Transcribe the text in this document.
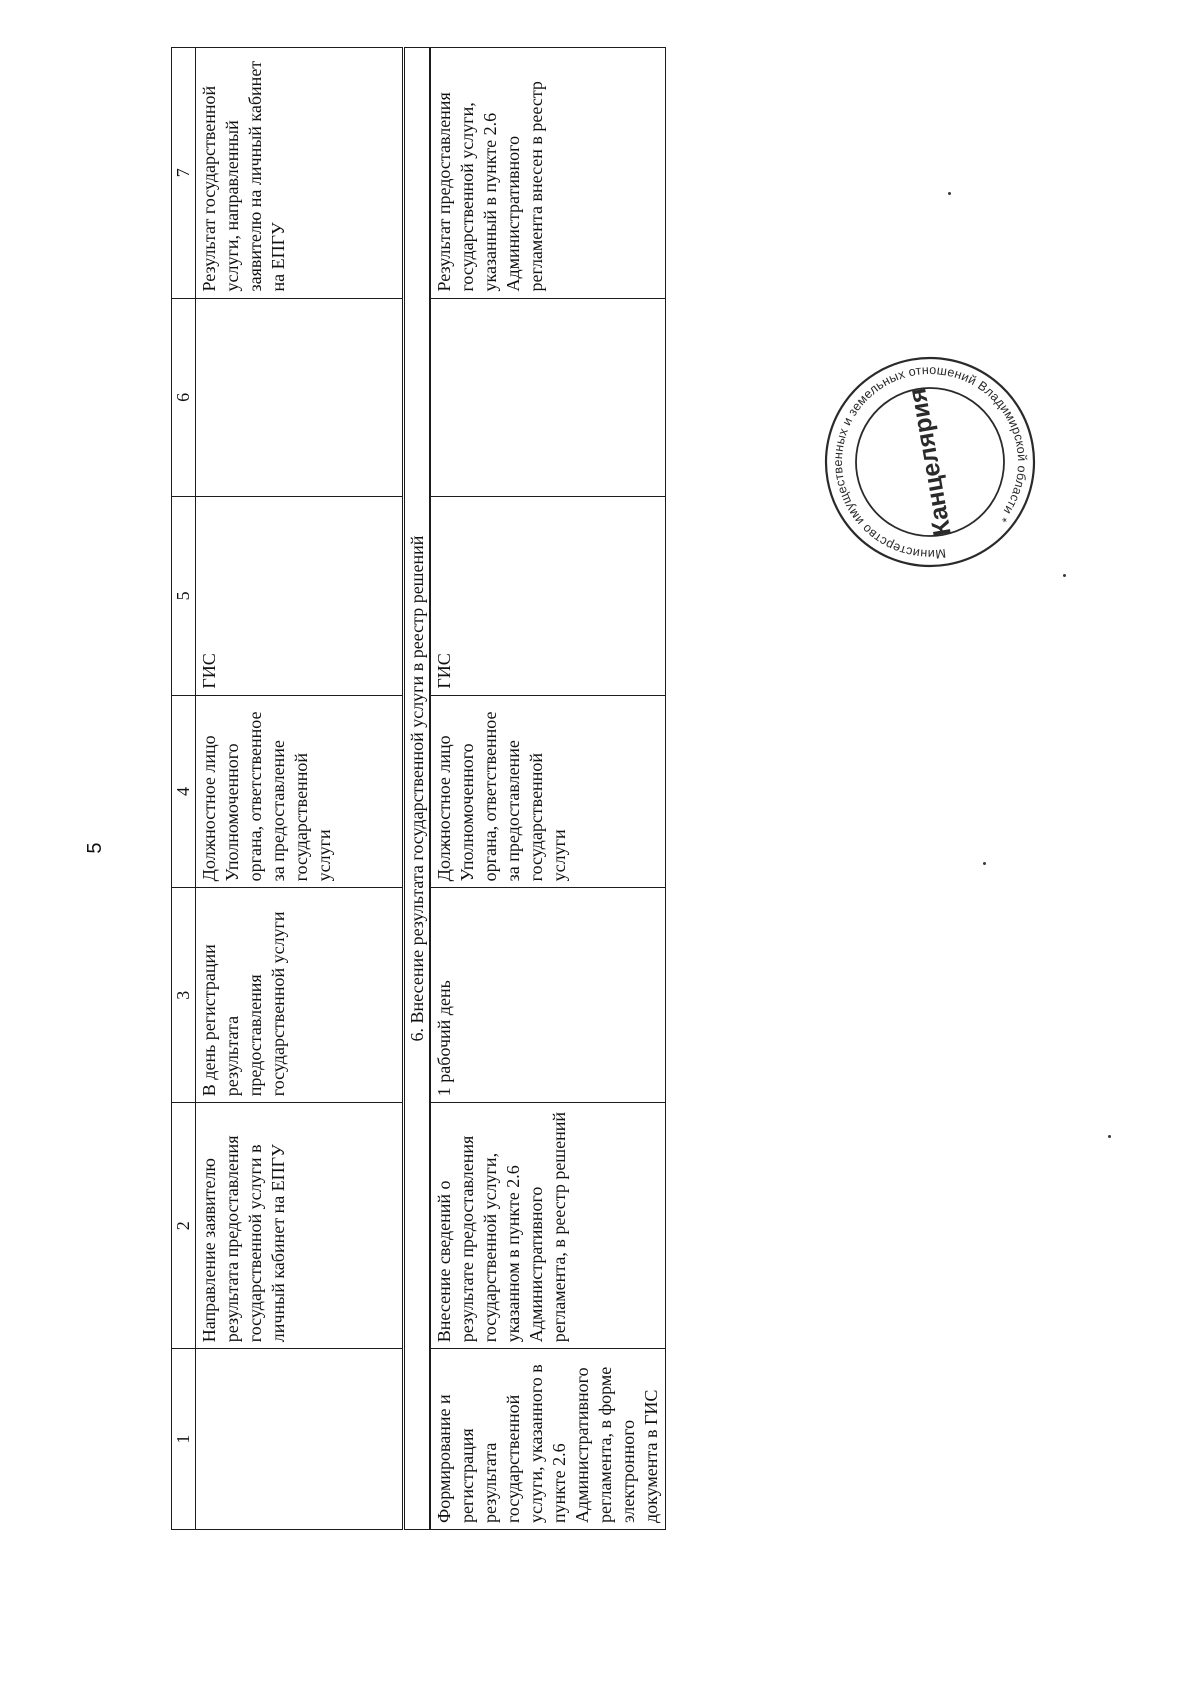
5
1	2	3	4	5	6	7
	Направление заявителю результата предоставления государственной услуги в личный кабинет на ЕПГУ	В день регистрации результата предоставления государственной услуги	Должностное лицо Уполномоченного органа, ответственное за предоставление государственной услуги	ГИС		Результат государственной услуги, направленный заявителю на личный кабинет на ЕПГУ
6. Внесение результата государственной услуги в реестр решений						
Формирование и регистрация результата государственной услуги, указанного в пункте 2.6 Административного регламента, в форме электронного документа в ГИС	Внесение сведений о результате предоставления государственной услуги, указанном в пункте 2.6 Административного регламента, в реестр решений	1 рабочий день	Должностное лицо Уполномоченного органа, ответственное за предоставление государственной услуги	ГИС		Результат предоставления государственной услуги, указанный в пункте 2.6 Административного регламента внесен в реестр
Министерство имущественных и земельных отношений Владимирской области *
Канцелярия
